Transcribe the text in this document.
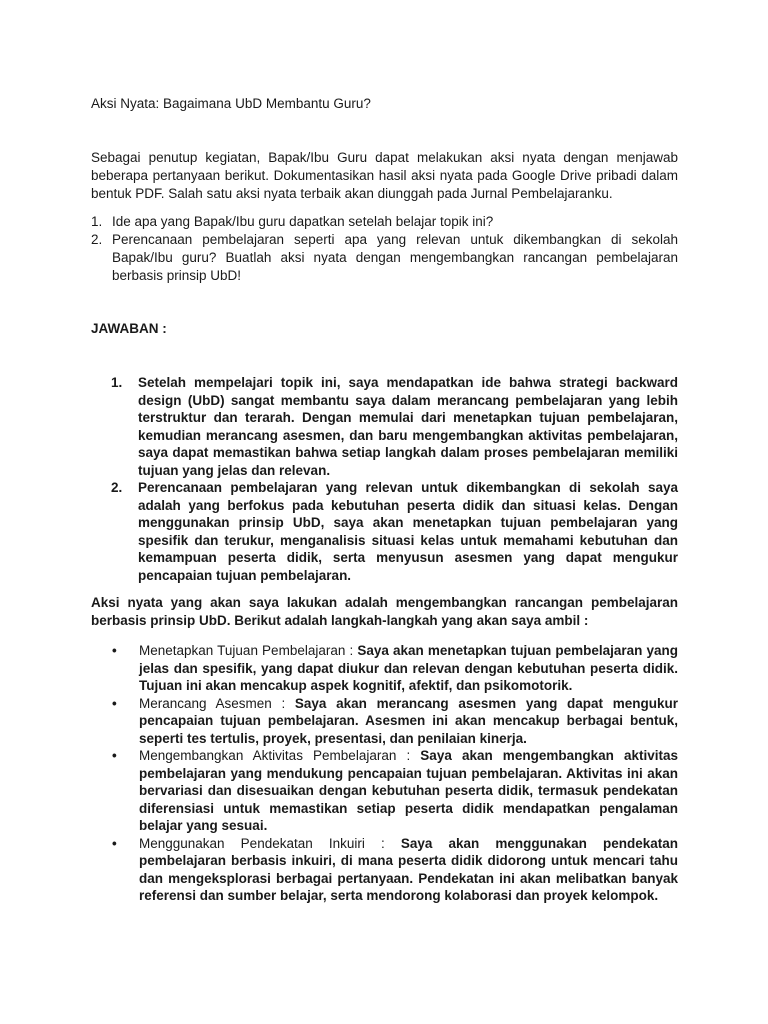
Aksi Nyata: Bagaimana UbD Membantu Guru?

Sebagai penutup kegiatan, Bapak/Ibu Guru dapat melakukan aksi nyata dengan menjawab beberapa pertanyaan berikut. Dokumentasikan hasil aksi nyata pada Google Drive pribadi dalam bentuk PDF. Salah satu aksi nyata terbaik akan diunggah pada Jurnal Pembelajaranku.

1. Ide apa yang Bapak/Ibu guru dapatkan setelah belajar topik ini?
2. Perencanaan pembelajaran seperti apa yang relevan untuk dikembangkan di sekolah Bapak/Ibu guru? Buatlah aksi nyata dengan mengembangkan rancangan pembelajaran berbasis prinsip UbD!

JAWABAN :

1.	Setelah mempelajari topik ini, saya mendapatkan ide bahwa strategi backward design (UbD) sangat membantu saya dalam merancang pembelajaran yang lebih terstruktur dan terarah. Dengan memulai dari menetapkan tujuan pembelajaran, kemudian merancang asesmen, dan baru mengembangkan aktivitas pembelajaran, saya dapat memastikan bahwa setiap langkah dalam proses pembelajaran memiliki tujuan yang jelas dan relevan.
2.	Perencanaan pembelajaran yang relevan untuk dikembangkan di sekolah saya adalah yang berfokus pada kebutuhan peserta didik dan situasi kelas. Dengan menggunakan prinsip UbD, saya akan menetapkan tujuan pembelajaran yang spesifik dan terukur, menganalisis situasi kelas untuk memahami kebutuhan dan kemampuan peserta didik, serta menyusun asesmen yang dapat mengukur pencapaian tujuan pembelajaran.

Aksi nyata yang akan saya lakukan adalah mengembangkan rancangan pembelajaran berbasis prinsip UbD. Berikut adalah langkah-langkah yang akan saya ambil :

•	Menetapkan Tujuan Pembelajaran : Saya akan menetapkan tujuan pembelajaran yang jelas dan spesifik, yang dapat diukur dan relevan dengan kebutuhan peserta didik. Tujuan ini akan mencakup aspek kognitif, afektif, dan psikomotorik.
•	Merancang Asesmen : Saya akan merancang asesmen yang dapat mengukur pencapaian tujuan pembelajaran. Asesmen ini akan mencakup berbagai bentuk, seperti tes tertulis, proyek, presentasi, dan penilaian kinerja.
•	Mengembangkan Aktivitas Pembelajaran : Saya akan mengembangkan aktivitas pembelajaran yang mendukung pencapaian tujuan pembelajaran. Aktivitas ini akan bervariasi dan disesuaikan dengan kebutuhan peserta didik, termasuk pendekatan diferensiasi untuk memastikan setiap peserta didik mendapatkan pengalaman belajar yang sesuai.
•	Menggunakan Pendekatan Inkuiri : Saya akan menggunakan pendekatan pembelajaran berbasis inkuiri, di mana peserta didik didorong untuk mencari tahu dan mengeksplorasi berbagai pertanyaan. Pendekatan ini akan melibatkan banyak referensi dan sumber belajar, serta mendorong kolaborasi dan proyek kelompok.
